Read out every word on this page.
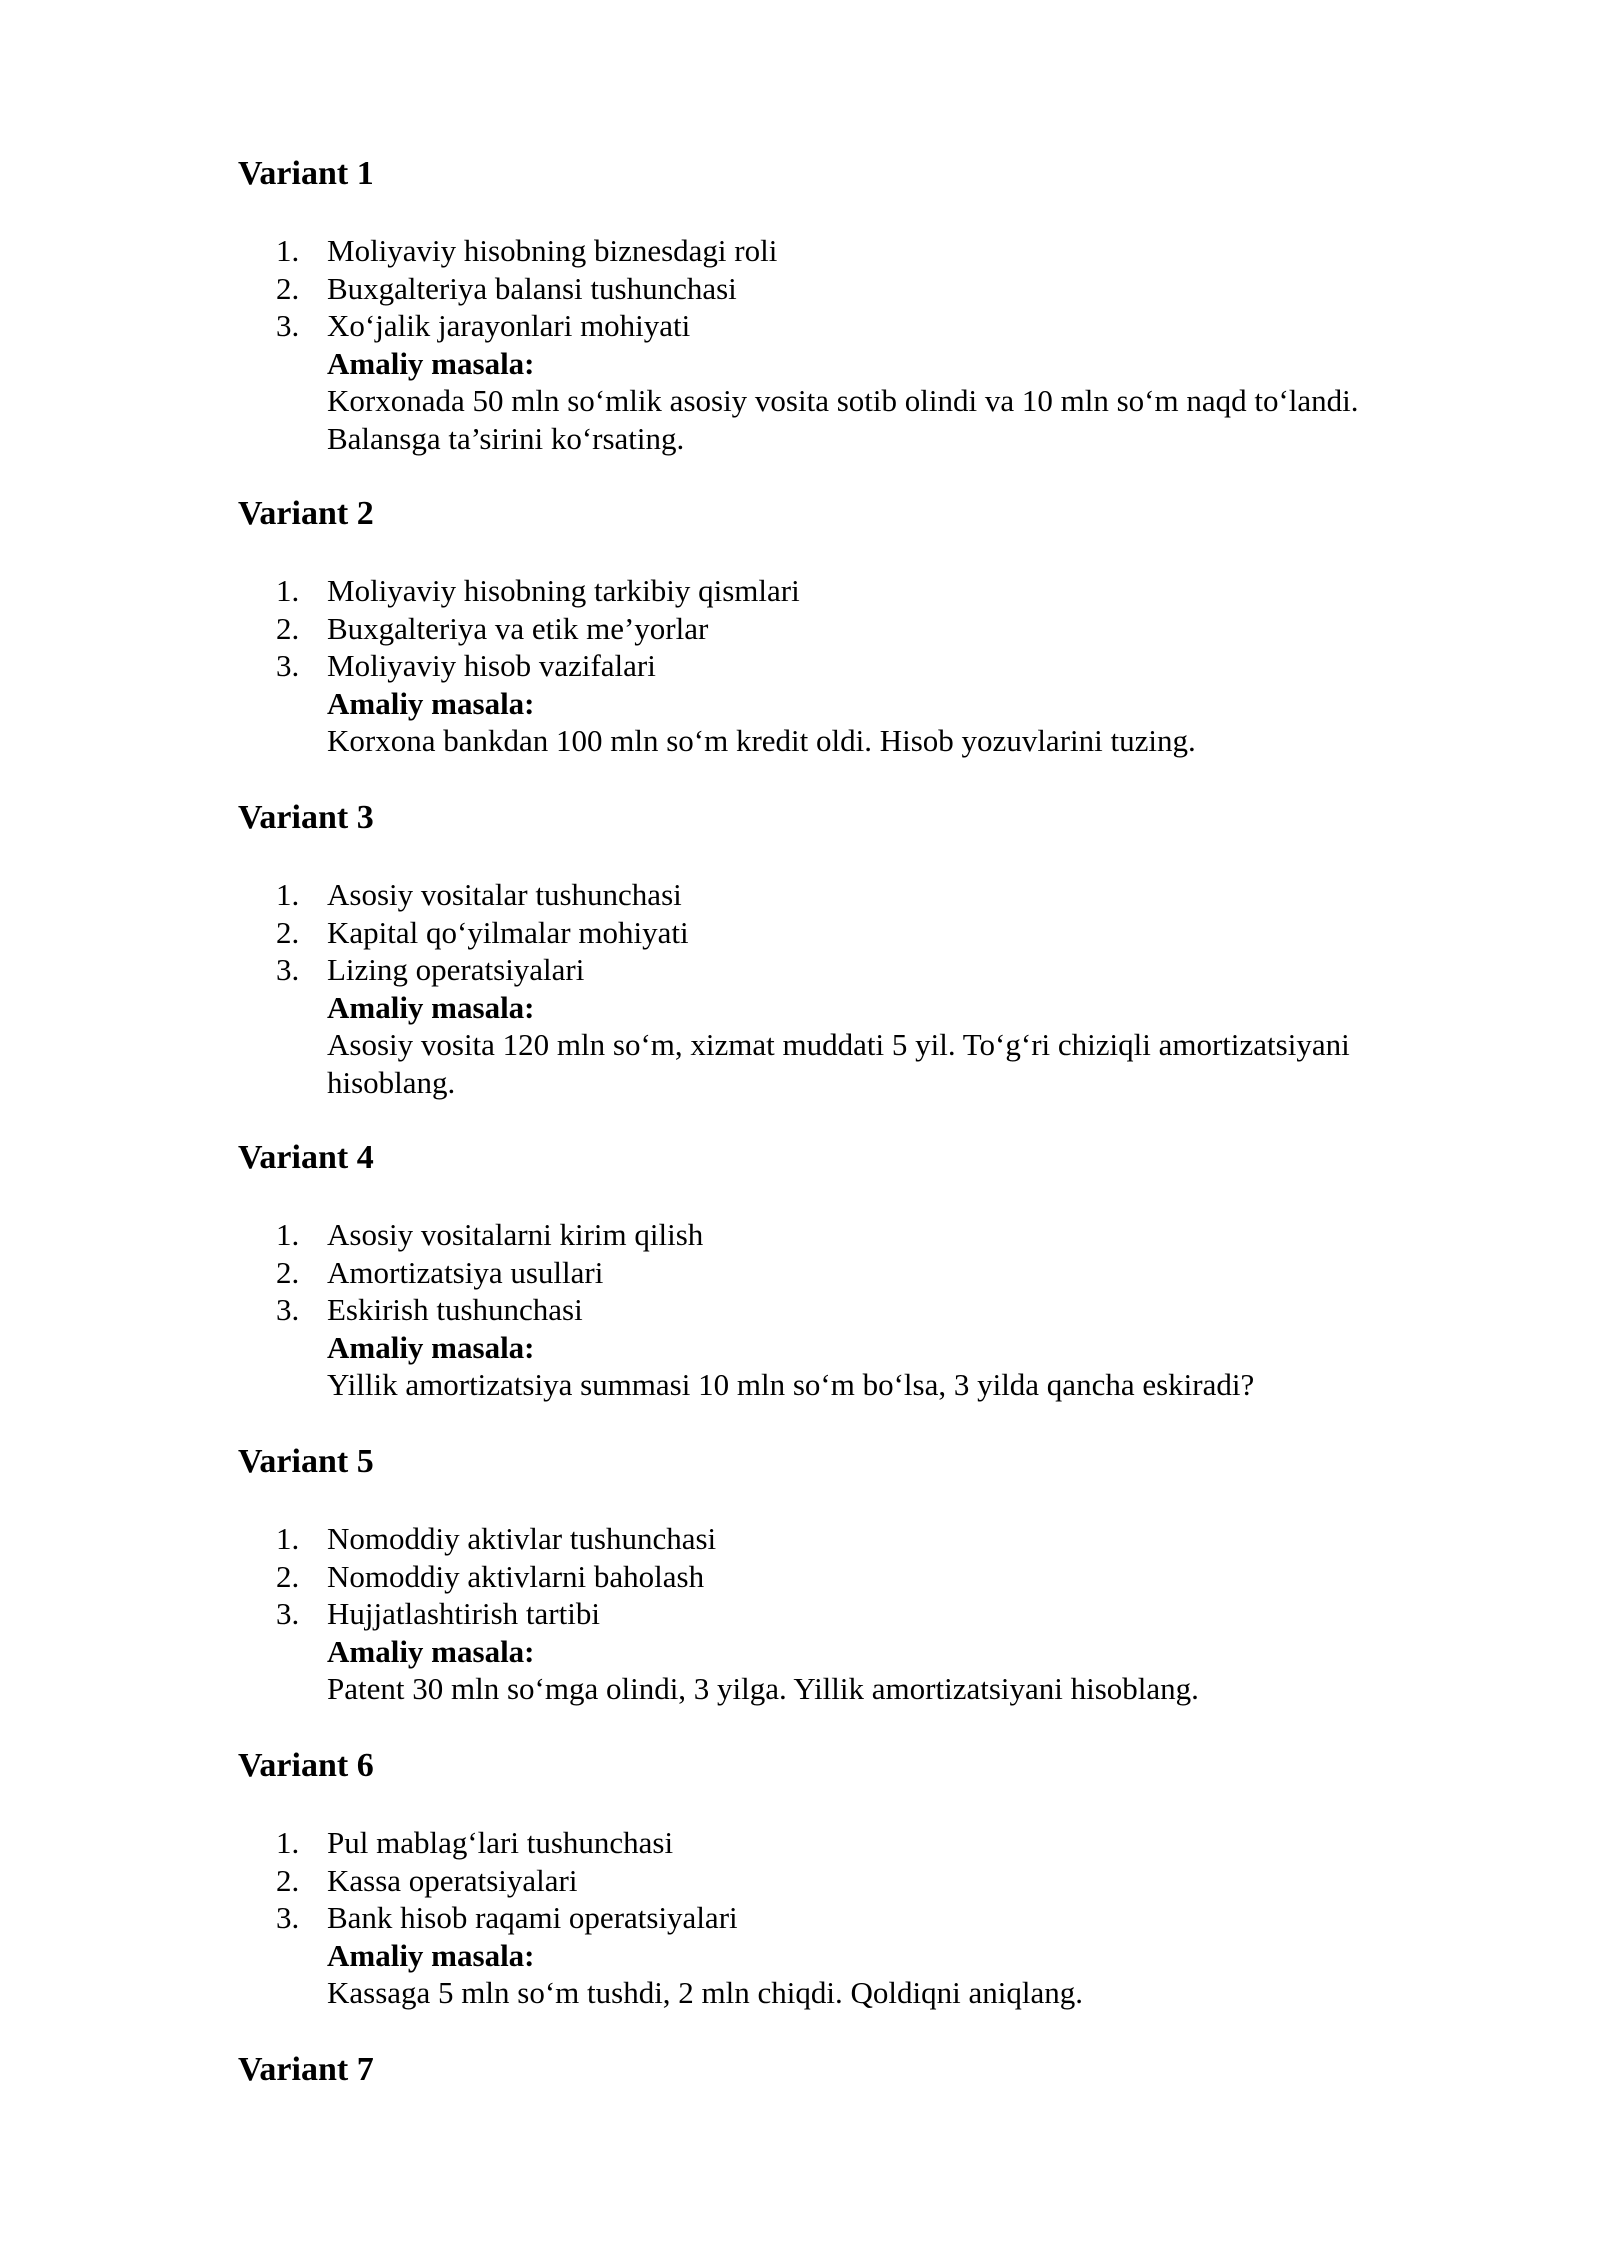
Variant 1
1. Moliyaviy hisobning biznesdagi roli
2. Buxgalteriya balansi tushunchasi
3. Xo‘jalik jarayonlari mohiyati
Amaliy masala:
Korxonada 50 mln so‘mlik asosiy vosita sotib olindi va 10 mln so‘m naqd to‘landi.
Balansga ta’sirini ko‘rsating.
Variant 2
1. Moliyaviy hisobning tarkibiy qismlari
2. Buxgalteriya va etik me’yorlar
3. Moliyaviy hisob vazifalari
Amaliy masala:
Korxona bankdan 100 mln so‘m kredit oldi. Hisob yozuvlarini tuzing.
Variant 3
1. Asosiy vositalar tushunchasi
2. Kapital qo‘yilmalar mohiyati
3. Lizing operatsiyalari
Amaliy masala:
Asosiy vosita 120 mln so‘m, xizmat muddati 5 yil. To‘g‘ri chiziqli amortizatsiyani
hisoblang.
Variant 4
1. Asosiy vositalarni kirim qilish
2. Amortizatsiya usullari
3. Eskirish tushunchasi
Amaliy masala:
Yillik amortizatsiya summasi 10 mln so‘m bo‘lsa, 3 yilda qancha eskiradi?
Variant 5
1. Nomoddiy aktivlar tushunchasi
2. Nomoddiy aktivlarni baholash
3. Hujjatlashtirish tartibi
Amaliy masala:
Patent 30 mln so‘mga olindi, 3 yilga. Yillik amortizatsiyani hisoblang.
Variant 6
1. Pul mablag‘lari tushunchasi
2. Kassa operatsiyalari
3. Bank hisob raqami operatsiyalari
Amaliy masala:
Kassaga 5 mln so‘m tushdi, 2 mln chiqdi. Qoldiqni aniqlang.
Variant 7
